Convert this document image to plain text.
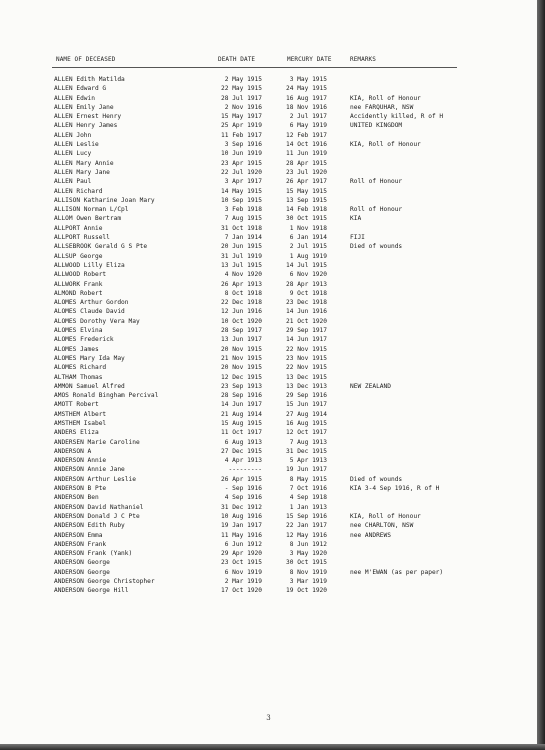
NAME OF DECEASED	DEATH DATE	MERCURY DATE	REMARKS
ALLEN Edith Matilda	2 May 1915	3 May 1915
ALLEN Edward G	22 May 1915	24 May 1915
ALLEN Edwin	28 Jul 1917	16 Aug 1917	KIA, Roll of Honour
ALLEN Emily Jane	2 Nov 1916	18 Nov 1916	nee FARQUHAR, NSW
ALLEN Ernest Henry	15 May 1917	2 Jul 1917	Accidently killed, R of H
ALLEN Henry James	25 Apr 1919	6 May 1919	UNITED KINGDOM
ALLEN John	11 Feb 1917	12 Feb 1917
ALLEN Leslie	3 Sep 1916	14 Oct 1916	KIA, Roll of Honour
ALLEN Lucy	10 Jun 1919	11 Jun 1919
ALLEN Mary Annie	23 Apr 1915	28 Apr 1915
ALLEN Mary Jane	22 Jul 1920	23 Jul 1920
ALLEN Paul	3 Apr 1917	26 Apr 1917	Roll of Honour
ALLEN Richard	14 May 1915	15 May 1915
ALLISON Katharine Joan Mary	10 Sep 1915	13 Sep 1915
ALLISON Norman L/Cpl	3 Feb 1918	14 Feb 1918	Roll of Honour
ALLOM Owen Bertram	7 Aug 1915	30 Oct 1915	KIA
ALLPORT Annie	31 Oct 1918	1 Nov 1918
ALLPORT Russell	7 Jan 1914	6 Jan 1914	FIJI
ALLSEBROOK Gerald G S Pte	20 Jun 1915	2 Jul 1915	Died of wounds
ALLSUP George	31 Jul 1919	1 Aug 1919
ALLWOOD Lilly Eliza	13 Jul 1915	14 Jul 1915
ALLWOOD Robert	4 Nov 1920	6 Nov 1920
ALLWORK Frank	26 Apr 1913	28 Apr 1913
ALMOND Robert	8 Oct 1918	9 Oct 1918
ALOMES Arthur Gordon	22 Dec 1918	23 Dec 1918
ALOMES Claude David	12 Jun 1916	14 Jun 1916
ALOMES Dorothy Vera May	10 Oct 1920	21 Oct 1920
ALOMES Elvina	28 Sep 1917	29 Sep 1917
ALOMES Frederick	13 Jun 1917	14 Jun 1917
ALOMES James	20 Nov 1915	22 Nov 1915
ALOMES Mary Ida May	21 Nov 1915	23 Nov 1915
ALOMES Richard	20 Nov 1915	22 Nov 1915
ALTHAM Thomas	12 Dec 1915	13 Dec 1915
AMMON Samuel Alfred	23 Sep 1913	13 Dec 1913	NEW ZEALAND
AMOS Ronald Bingham Percival	28 Sep 1916	29 Sep 1916
AMOTT Robert	14 Jun 1917	15 Jun 1917
AMSTHEM Albert	21 Aug 1914	27 Aug 1914
AMSTHEM Isabel	15 Aug 1915	16 Aug 1915
ANDERS Eliza	11 Oct 1917	12 Oct 1917
ANDERSEN Marie Caroline	6 Aug 1913	7 Aug 1913
ANDERSON A	27 Dec 1915	31 Dec 1915
ANDERSON Annie	4 Apr 1913	5 Apr 1913
ANDERSON Annie Jane	---------	19 Jun 1917
ANDERSON Arthur Leslie	26 Apr 1915	8 May 1915	Died of wounds
ANDERSON B Pte	- Sep 1916	7 Oct 1916	KIA 3-4 Sep 1916, R of H
ANDERSON Ben	4 Sep 1916	4 Sep 1918
ANDERSON David Nathaniel	31 Dec 1912	1 Jan 1913
ANDERSON Donald J C Pte	10 Aug 1916	15 Sep 1916	KIA, Roll of Honour
ANDERSON Edith Ruby	19 Jan 1917	22 Jan 1917	nee CHARLTON, NSW
ANDERSON Emma	11 May 1916	12 May 1916	nee ANDREWS
ANDERSON Frank	6 Jun 1912	8 Jun 1912
ANDERSON Frank (Yank)	29 Apr 1920	3 May 1920
ANDERSON George	23 Oct 1915	30 Oct 1915
ANDERSON George	6 Nov 1919	8 Nov 1919	nee M'EWAN (as per paper)
ANDERSON George Christopher	2 Mar 1919	3 Mar 1919
ANDERSON George Hill	17 Oct 1920	19 Oct 1920
3
